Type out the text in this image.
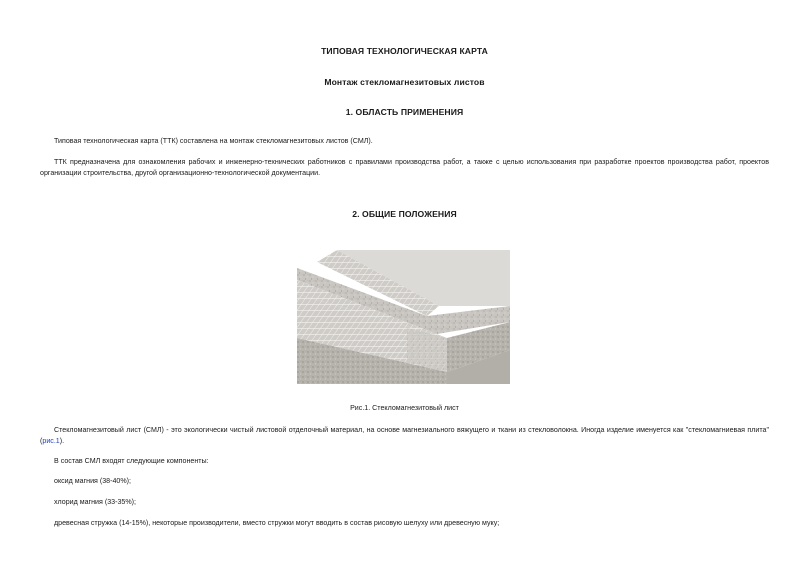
ТИПОВАЯ ТЕХНОЛОГИЧЕСКАЯ КАРТА
Монтаж стекломагнезитовых листов
1. ОБЛАСТЬ ПРИМЕНЕНИЯ
Типовая технологическая карта (ТТК) составлена на монтаж стекломагнезитовых листов (СМЛ).
ТТК предназначена для ознакомления рабочих и инженерно-технических работников с правилами производства работ, а также с целью использования при разработке проектов производства работ, проектов организации строительства, другой организационно-технологической документации.
2. ОБЩИЕ ПОЛОЖЕНИЯ
Рис.1. Стекломагнезитовый лист
Стекломагнезитовый лист (СМЛ) - это экологически чистый листовой отделочный материал, на основе магнезиального вяжущего и ткани из стекловолокна. Иногда изделие именуется как "стекломагниевая плита" (рис.1).
В состав СМЛ входят следующие компоненты:
оксид магния (38-40%);
хлорид магния (33-35%);
древесная стружка (14-15%), некоторые производители, вместо стружки могут вводить в состав рисовую шелуху или древесную муку;
